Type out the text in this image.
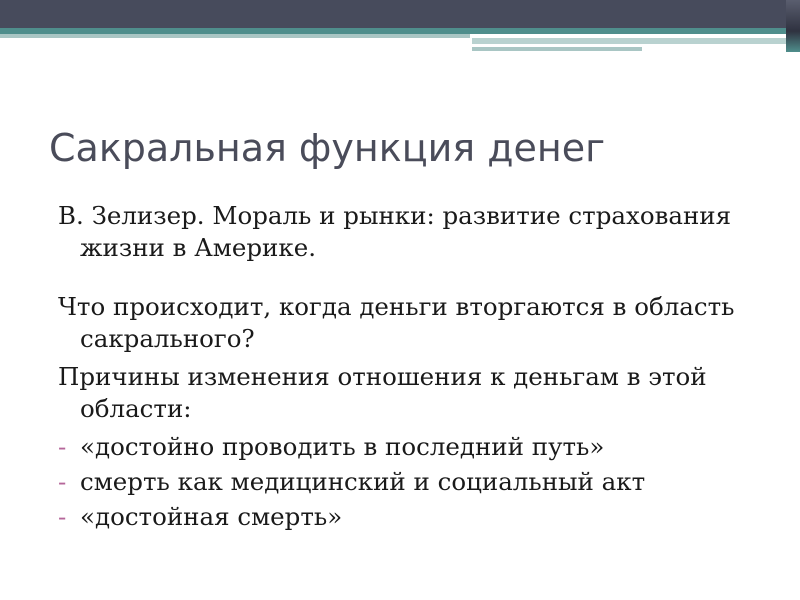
Сакральная функция денег

В. Зелизер. Мораль и рынки: развитие страхования жизни в Америке.

Что происходит, когда деньги вторгаются в область сакрального?

Причины изменения отношения к деньгам в этой области:

- «достойно проводить в последний путь»
- смерть как медицинский и социальный акт
- «достойная смерть»
